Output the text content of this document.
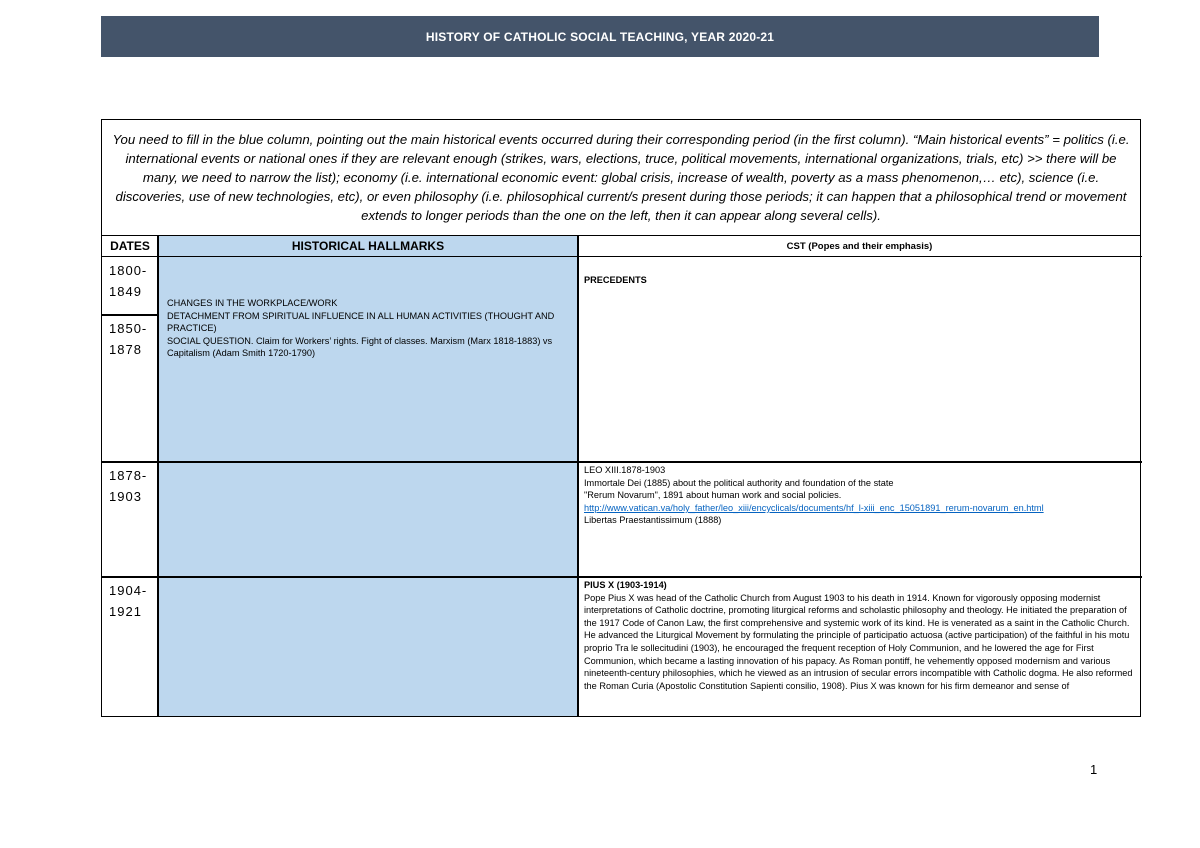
HISTORY OF CATHOLIC SOCIAL TEACHING, YEAR 2020-21
You need to fill in the blue column, pointing out the main historical events occurred during their corresponding period (in the first column). “Main historical events” = politics (i.e. international events or national ones if they are relevant enough (strikes, wars, elections, truce, political movements, international organizations, trials, etc) >> there will be many, we need to narrow the list); economy (i.e. international economic event: global crisis, increase of wealth, poverty as a mass phenomenon,… etc), science (i.e. discoveries, use of new technologies, etc), or even philosophy (i.e. philosophical current/s present during those periods; it can happen that a philosophical trend or movement extends to longer periods than the one on the left, then it can appear along several cells).
DATES	HISTORICAL HALLMARKS	CST (Popes and their emphasis)
1800-
1849
1850-
1878
CHANGES IN THE WORKPLACE/WORK
DETACHMENT FROM SPIRITUAL INFLUENCE IN ALL HUMAN ACTIVITIES (THOUGHT AND PRACTICE)
SOCIAL QUESTION. Claim for Workers’ rights. Fight of classes. Marxism (Marx 1818-1883) vs Capitalism (Adam Smith 1720-1790)
PRECEDENTS
1878-
1903
LEO XIII.1878-1903
Immortale Dei (1885) about the political authority and foundation of the state
"Rerum Novarum", 1891 about human work and social policies.
http://www.vatican.va/holy_father/leo_xiii/encyclicals/documents/hf_l-xiii_enc_15051891_rerum-novarum_en.html
Libertas Praestantissimum (1888)
1904-
1921
PIUS X (1903-1914)
Pope Pius X was head of the Catholic Church from August 1903 to his death in 1914. Known for vigorously opposing modernist interpretations of Catholic doctrine, promoting liturgical reforms and scholastic philosophy and theology. He initiated the preparation of the 1917 Code of Canon Law, the first comprehensive and systemic work of its kind. He is venerated as a saint in the Catholic Church. He advanced the Liturgical Movement by formulating the principle of participatio actuosa (active participation) of the faithful in his motu proprio Tra le sollecitudini (1903), he encouraged the frequent reception of Holy Communion, and he lowered the age for First Communion, which became a lasting innovation of his papacy. As Roman pontiff, he vehemently opposed modernism and various nineteenth-century philosophies, which he viewed as an intrusion of secular errors incompatible with Catholic dogma. He also reformed the Roman Curia (Apostolic Constitution Sapienti consilio, 1908). Pius X was known for his firm demeanor and sense of
1
